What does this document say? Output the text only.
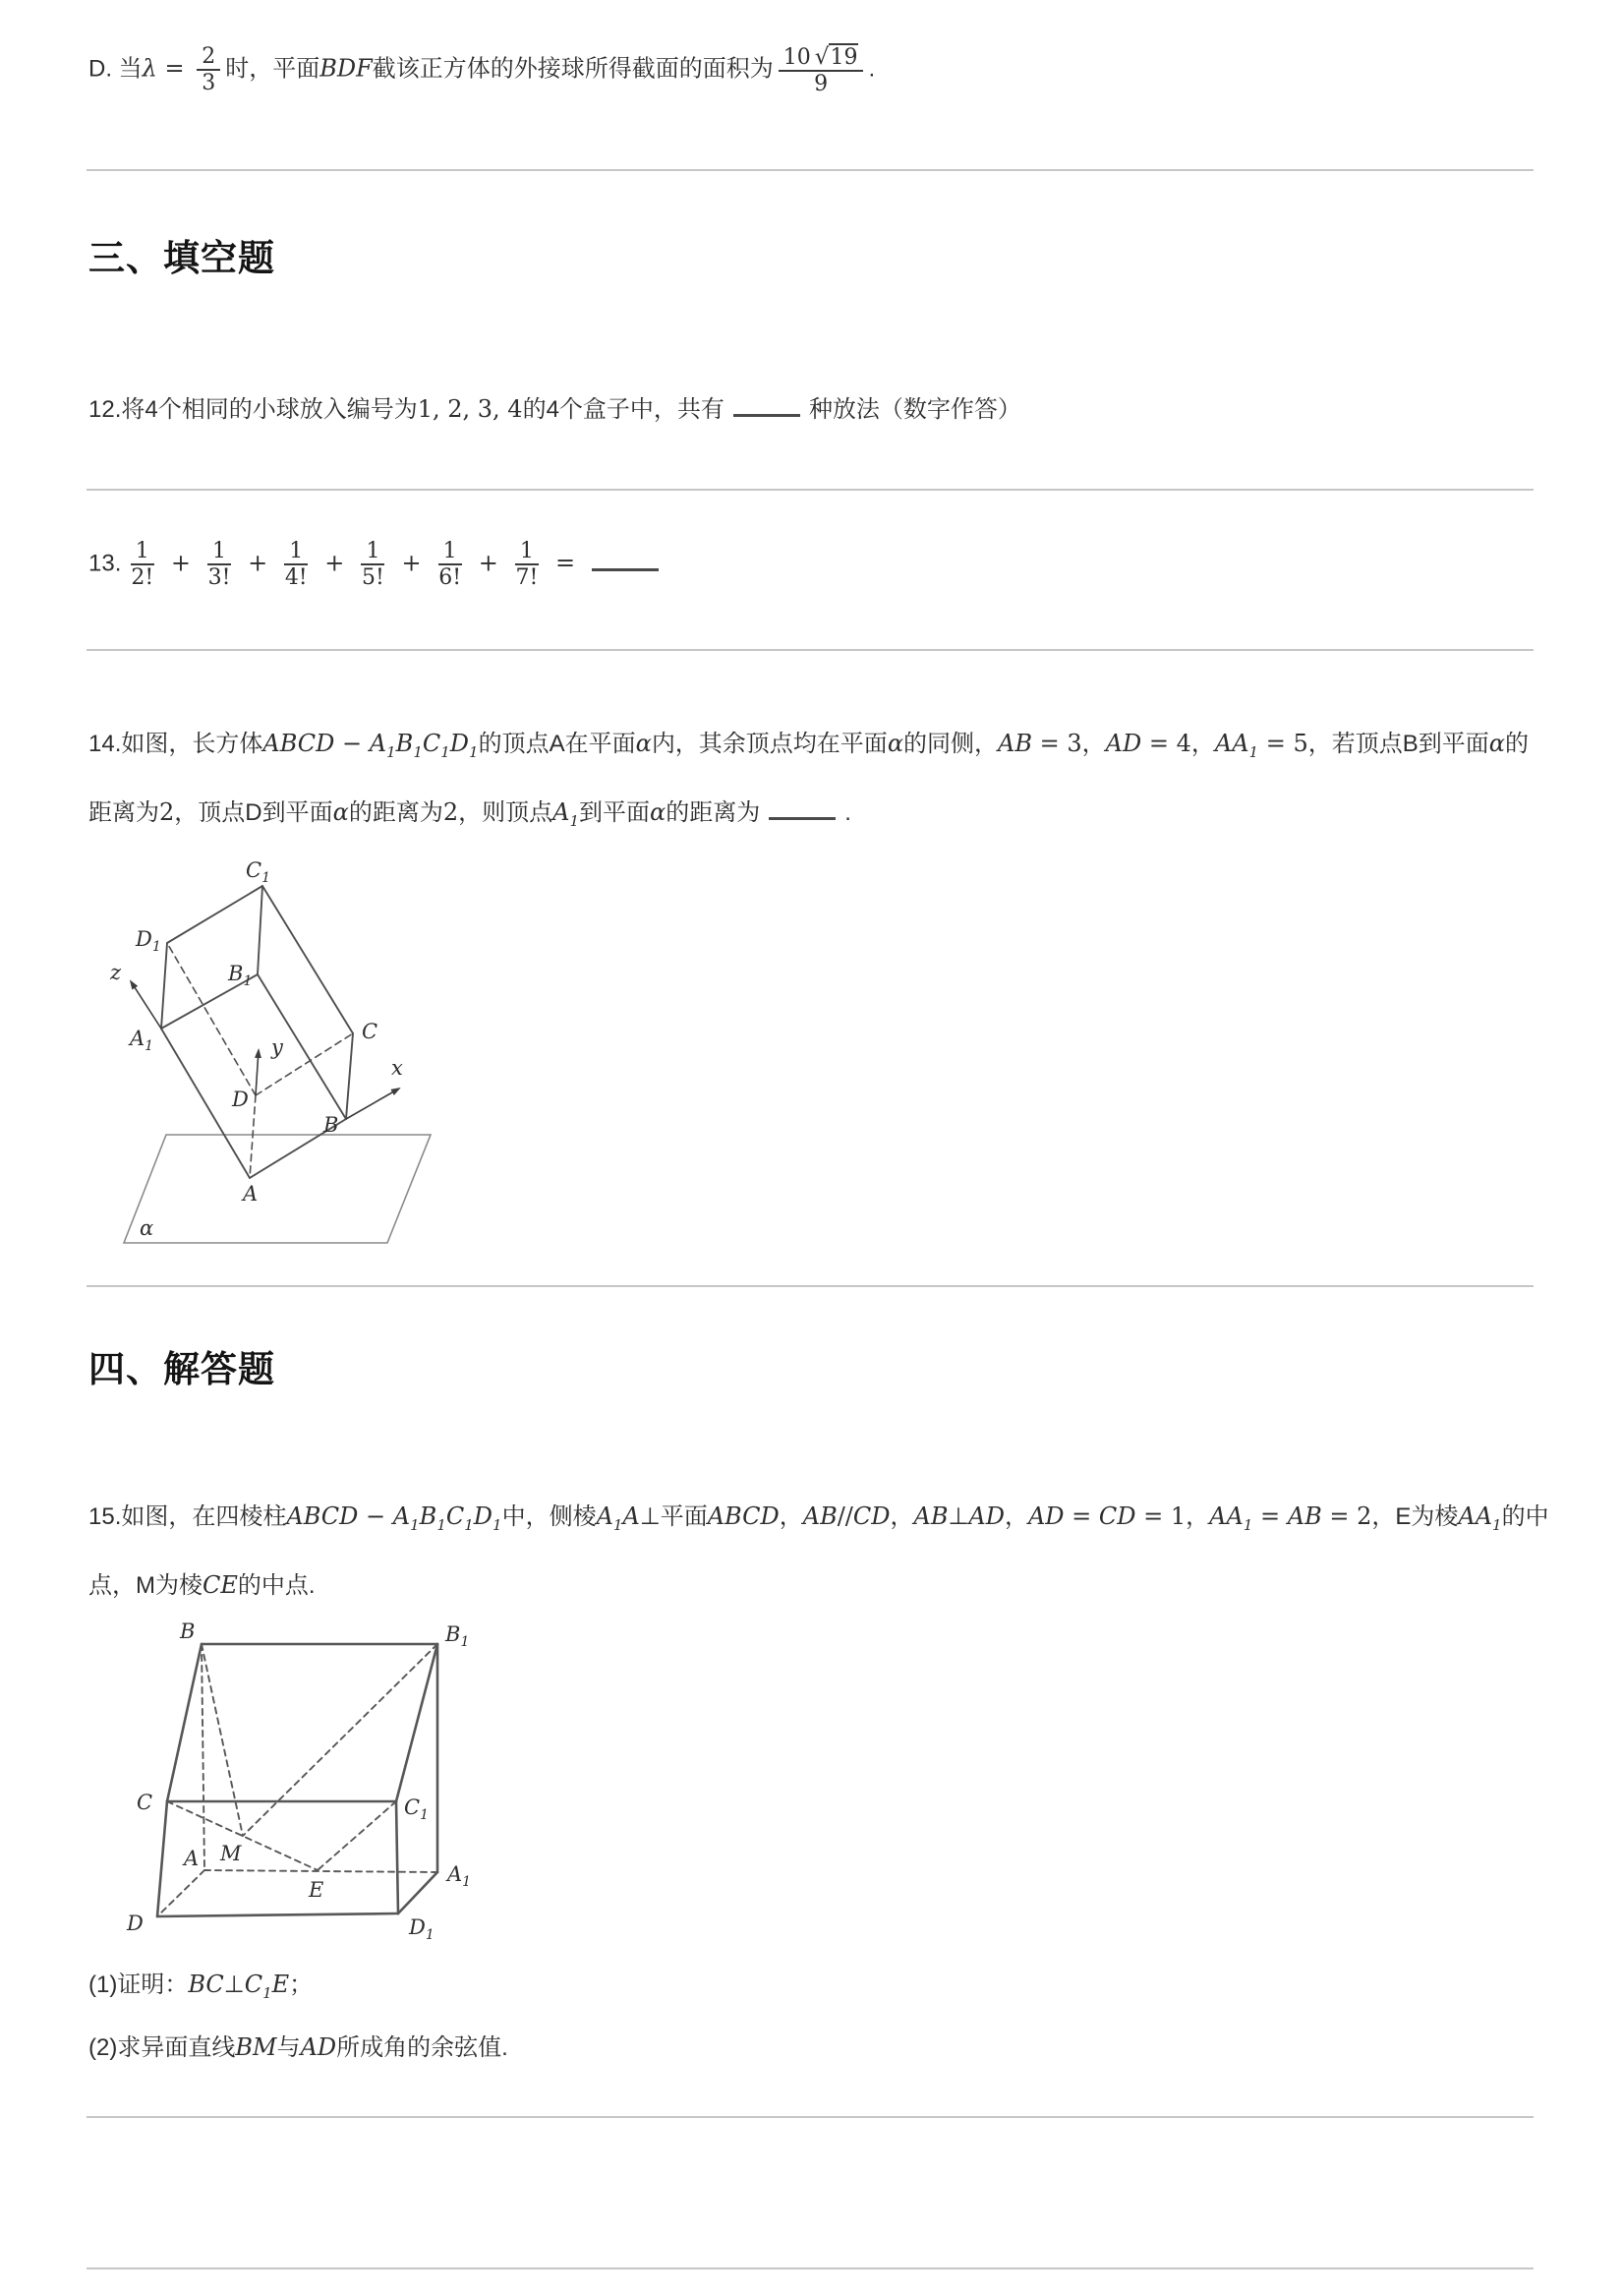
D. 当$\lambda = \frac{2}{3}$ 时，平面BDF截该正方体的外接球所得截面的面积为 $\frac{10 √ 19}{9}$ .
三、填空题
12.将4个相同的小球放入编号为1, 2, 3, 4的4个盒子中，共有	种放法（数字作答）
13. $\frac{1}{2!} + \frac{1}{3!} + \frac{1}{4!} + \frac{1}{5!} + \frac{1}{6!} + \frac{1}{7!}$ =
14.如图，长方体ABCD − $A_1B_1C_1D_1$的顶点A在平面α内，其余顶点均在平面α的同侧，AB = 3，AD = 4，$AA_1 = 5$，若顶点B到平面α的距离为2，顶点D到平面α的距离为2，则顶点$A_1$到平面α的距离为	.
z
y
x
$C_1$
$D_1$
$B_1$
$A_1$
C
D
B
A
α
四、解答题
15.如图，在四棱柱ABCD − $A_1B_1C_1D_1$中，侧棱$A_1A\perp$平面ABCD，AB//CD，AB⊥AD，AD = CD = 1，$AA_1$ = AB = 2，E为棱$AA_1$的中点，M为棱CE的中点.
B	$B_1$
C	$C_1$
A M
E
$A_1$
D	$D_1$
(1)证明：$BC\perp C_1E$；
(2)求异面直线BM与AD所成角的余弦值.
